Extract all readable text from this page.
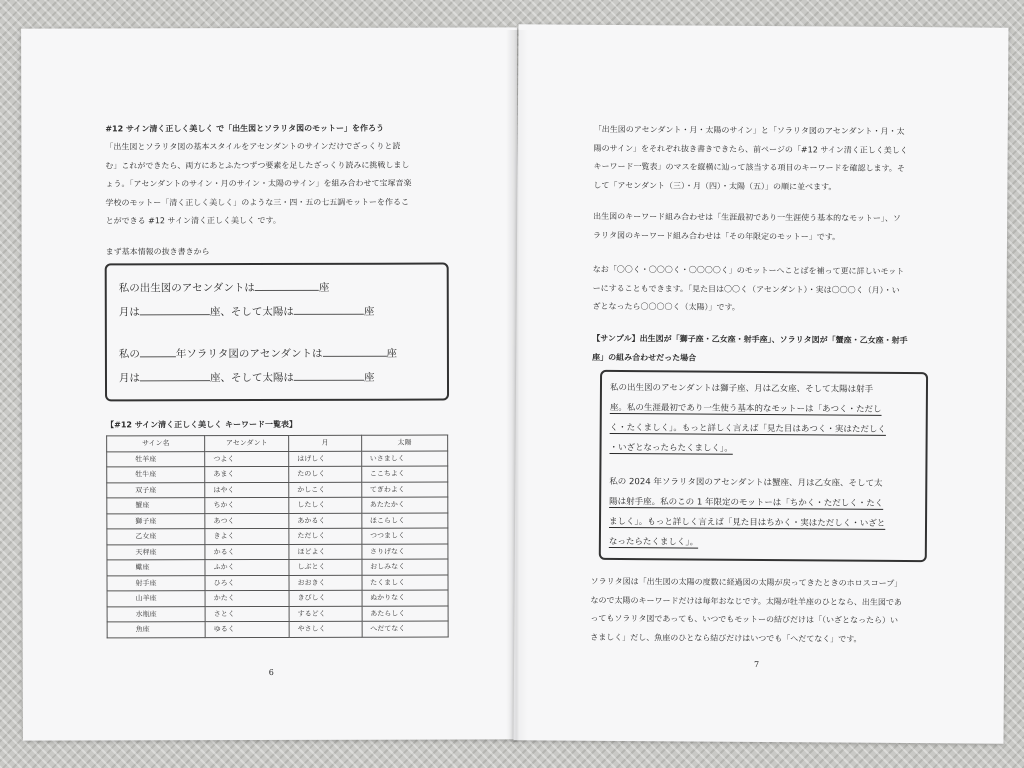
#12 サイン清く正しく美しく で「出生図とソラリタ図のモットー」を作ろう

「出生図とソラリタ図の基本スタイルをアセンダントのサインだけでざっくりと読

む」これができたら、両方にあとふたつずつ要素を足したざっくり読みに挑戦しまし

ょう。「アセンダントのサイン・月のサイン・太陽のサイン」を組み合わせて宝塚音楽

学校のモットー「清く正しく美しく」のような三・四・五の七五調モットーを作るこ

とができる #12 サイン清く正しく美しく です。

まず基本情報の抜き書きから

私の出生図のアセンダントは	座
月は	座、そして太陽は	座
私の	年ソラリタ図のアセンダントは	座
月は	座、そして太陽は	座

【#12 サイン清く正しく美しく キーワード一覧表】

サイン名	アセンダント	月	太陽
牡羊座	つよく	はげしく	いさましく
牡牛座	あまく	たのしく	ここちよく
双子座	はやく	かしこく	てぎわよく
蟹座	ちかく	したしく	あたたかく
獅子座	あつく	あかるく	ほこらしく
乙女座	きよく	ただしく	つつましく
天秤座	かるく	ほどよく	さりげなく
蠍座	ふかく	しぶとく	おしみなく
射手座	ひろく	おおきく	たくましく
山羊座	かたく	きびしく	ぬかりなく
水瓶座	さとく	するどく	あたらしく
魚座	ゆるく	やさしく	へだてなく
6

「出生図のアセンダント・月・太陽のサイン」と「ソラリタ図のアセンダント・月・太

陽のサイン」をそれぞれ抜き書きできたら、前ページの「#12 サイン清く正しく美しく

キーワード一覧表」のマスを縦横に辿って該当する項目のキーワードを確認します。そ

して「アセンダント（三）・月（四）・太陽（五）」の順に並べます。

出生図のキーワード組み合わせは「生涯最初であり一生涯使う基本的なモットー」、ソ

ラリタ図のキーワード組み合わせは「その年限定のモットー」です。

なお「〇〇く・〇〇〇く・〇〇〇〇く」のモットーへことばを補って更に詳しいモット

ーにすることもできます。「見た目は〇〇く（アセンダント）・実は〇〇〇く（月）・い

ざとなったら〇〇〇〇く（太陽）」です。

【サンプル】出生図が「獅子座・乙女座・射手座」、ソラリタ図が「蟹座・乙女座・射手

座」の組み合わせだった場合

私の出生図のアセンダントは獅子座、月は乙女座、そして太陽は射手

座。私の生涯最初であり一生使う基本的なモットーは「あつく・ただし

く・たくましく」。もっと詳しく言えば「見た目はあつく・実はただしく

・いざとなったらたくましく」。

私の 2024 年ソラリタ図のアセンダントは蟹座、月は乙女座、そして太

陽は射手座。私のこの 1 年限定のモットーは「ちかく・ただしく・たく

ましく」。もっと詳しく言えば「見た目はちかく・実はただしく・いざと

なったらたくましく」。

ソラリタ図は「出生図の太陽の度数に経過図の太陽が戻ってきたときのホロスコープ」

なので太陽のキーワードだけは毎年おなじです。太陽が牡羊座のひとなら、出生図であ

ってもソラリタ図であっても、いつでもモットーの結びだけは「（いざとなったら）い

さましく」だし、魚座のひとなら結びだけはいつでも「へだてなく」です。

7
